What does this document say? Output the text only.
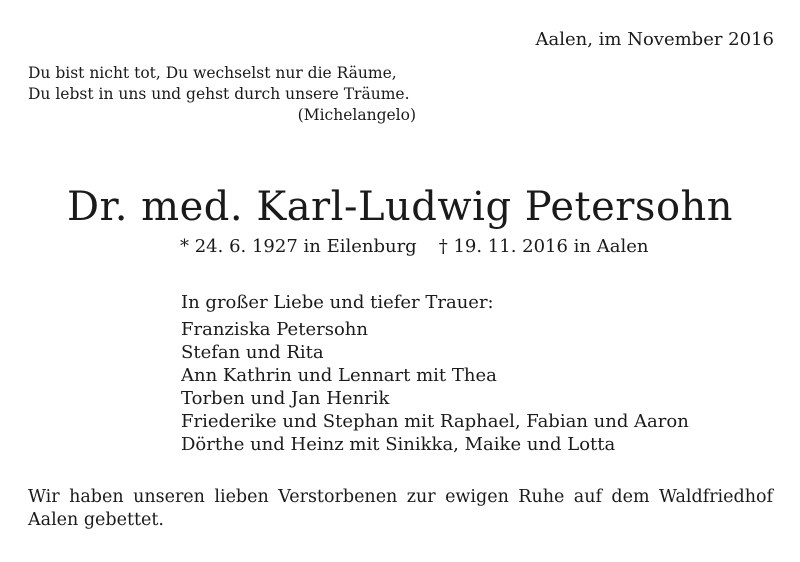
Aalen, im November 2016
Du bist nicht tot, Du wechselst nur die Räume,
Du lebst in uns und gehst durch unsere Träume.
(Michelangelo)
Dr. med. Karl-Ludwig Petersohn
* 24. 6. 1927 in Eilenburg † 19. 11. 2016 in Aalen
In großer Liebe und tiefer Trauer:
Franziska Petersohn
Stefan und Rita
Ann Kathrin und Lennart mit Thea
Torben und Jan Henrik
Friederike und Stephan mit Raphael, Fabian und Aaron
Dörthe und Heinz mit Sinikka, Maike und Lotta
Wir haben unseren lieben Verstorbenen zur ewigen Ruhe auf dem Waldfriedhof
Aalen gebettet.
